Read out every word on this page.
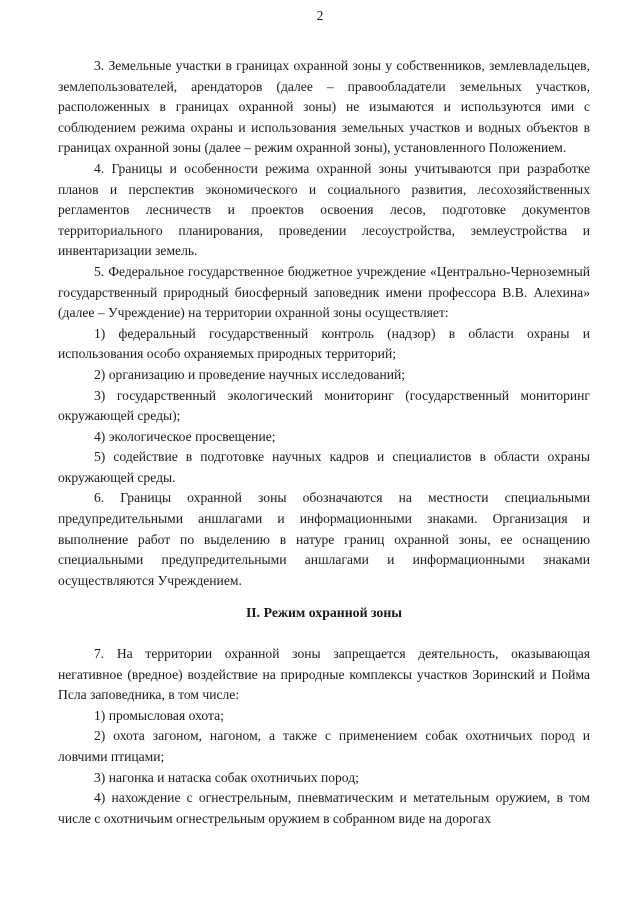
2

3. Земельные участки в границах охранной зоны у собственников, землевладельцев, землепользователей, арендаторов (далее – правообладатели земельных участков, расположенных в границах охранной зоны) не изымаются и используются ими с соблюдением режима охраны и использования земельных участков и водных объектов в границах охранной зоны (далее – режим охранной зоны), установленного Положением.

4. Границы и особенности режима охранной зоны учитываются при разработке планов и перспектив экономического и социального развития, лесохозяйственных регламентов лесничеств и проектов освоения лесов, подготовке документов территориального планирования, проведении лесоустройства, землеустройства и инвентаризации земель.

5. Федеральное государственное бюджетное учреждение «Центрально-Черноземный государственный природный биосферный заповедник имени профессора В.В. Алехина» (далее – Учреждение) на территории охранной зоны осуществляет:

1) федеральный государственный контроль (надзор) в области охраны и использования особо охраняемых природных территорий;

2) организацию и проведение научных исследований;

3) государственный экологический мониторинг (государственный мониторинг окружающей среды);

4) экологическое просвещение;

5) содействие в подготовке научных кадров и специалистов в области охраны окружающей среды.

6. Границы охранной зоны обозначаются на местности специальными предупредительными аншлагами и информационными знаками. Организация и выполнение работ по выделению в натуре границ охранной зоны, ее оснащению специальными предупредительными аншлагами и информационными знаками осуществляются Учреждением.

II. Режим охранной зоны

7. На территории охранной зоны запрещается деятельность, оказывающая негативное (вредное) воздействие на природные комплексы участков Зоринский и Пойма Псла заповедника, в том числе:

1) промысловая охота;

2) охота загоном, нагоном, а также с применением собак охотничьих пород и ловчими птицами;

3) нагонка и натаска собак охотничьих пород;

4) нахождение с огнестрельным, пневматическим и метательным оружием, в том числе с охотничьим огнестрельным оружием в собранном виде на дорогах
